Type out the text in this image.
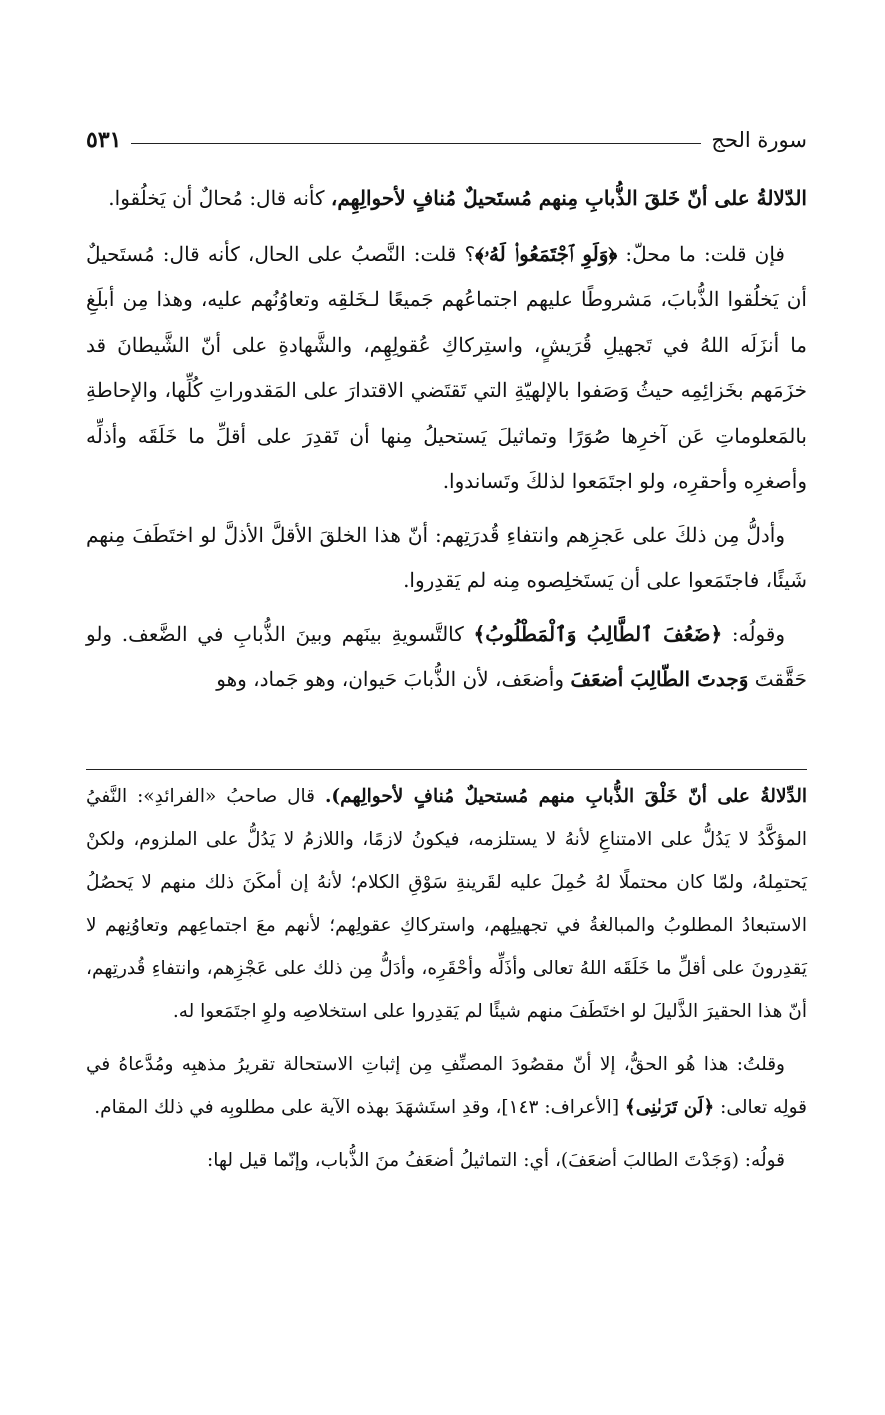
سورة الحج
٥٣١

الدّلالةُ على أنّ خَلقَ الذُّبابِ مِنهم مُستَحيلٌ مُنافٍ لأحوالِهِم، كأنه قال: مُحالٌ أن يَخلُقوا.

فإن قلت: ما محلّ: ﴿وَلَوِ ٱجْتَمَعُوا۟ لَهُۥ﴾؟ قلت: النَّصبُ على الحال، كأنه قال: مُستَحيلٌ أن يَخلُقوا الذُّبابَ، مَشروطًا عليهم اجتماعُهم جَميعًا لـخَلقِه وتعاوُنُهم عليه، وهذا مِن أبلَغِ ما أنزَلَه اللهُ في تَجهيلِ قُرَيشٍ، واستِركاكِ عُقولِهِم، والشَّهادةِ على أنّ الشَّيطانَ قد خزَمَهم بخَزائِمِه حيثُ وَصَفوا بالإلهيّةِ التي تَقتَضي الاقتدارَ على المَقدوراتِ كُلِّها، والإحاطةِ بالمَعلوماتِ عَن آخرِها صُوَرًا وتماثيلَ يَستحيلُ مِنها أن تَقدِرَ على أقلِّ ما خَلَقَه وأذلِّه وأصغرِه وأحقرِه، ولو اجتَمَعوا لذلكَ وتَساندوا.

وأدلُّ مِن ذلكَ على عَجزِهم وانتفاءِ قُدرَتِهم: أنّ هذا الخلقَ الأقلَّ الأذلَّ لو اختَطَفَ مِنهم شَيئًا، فاجتَمَعوا على أن يَستَخلِصوه مِنه لم يَقدِروا.

وقولُه: ﴿ضَعُفَ ٱلطَّالِبُ وَٱلْمَطْلُوبُ﴾ كالتَّسويةِ بينَهم وبينَ الذُّبابِ في الضَّعف. ولو حَقَّقتَ وَجدتَ الطّالِبَ أضعَفَ وأضعَف، لأن الذُّبابَ حَيوان، وهو جَماد، وهو

الدِّلالةُ على أنّ خَلْقَ الذُّبابِ منهم مُستحيلٌ مُنافٍ لأحوالِهم). قال صاحبُ «الفرائدِ»: النَّفيُ المؤكَّدُ لا يَدُلُّ على الامتناعِ لأنهُ لا يستلزمه، فيكونُ لازمًا، واللازمُ لا يَدُلُّ على الملزوم، ولكنْ يَحتمِلهُ، ولمّا كان محتملًا لهُ حُمِلَ عليه لقَرينةِ سَوْقِ الكلام؛ لأنهُ إن أمكَنَ ذلك منهم لا يَحصُلُ الاستبعادُ المطلوبُ والمبالغةُ في تجهيلِهم، واستركاكِ عقولِهم؛ لأنهم معَ اجتماعِهم وتعاوُنِهم لا يَقدِرونَ على أقلِّ ما خَلَقَه اللهُ تعالى وأذَلِّه وأحْقَرِه، وأدَلُّ مِن ذلك على عَجْزِهم، وانتفاءِ قُدرتِهم، أنّ هذا الحقيرَ الذَّليلَ لو اختَطَفَ منهم شيئًا لم يَقدِروا على استخلاصِه ولوِ اجتَمَعوا له.

وقلتُ: هذا هُو الحقُّ، إلا أنّ مقصُودَ المصنِّفِ مِن إثباتِ الاستحالة تقريرُ مذهبِه ومُدَّعاهُ في قولِه تعالى: ﴿لَن تَرَىٰنِى﴾ [الأعراف: ١٤٣]، وقدِ استَشهَدَ بهذه الآية على مطلوبِه في ذلك المقام.

قولُه: (وَجَدْتَ الطالبَ أضعَفَ)، أي: التماثيلُ أضعَفُ منَ الذُّباب، وإنّما قيل لها:
